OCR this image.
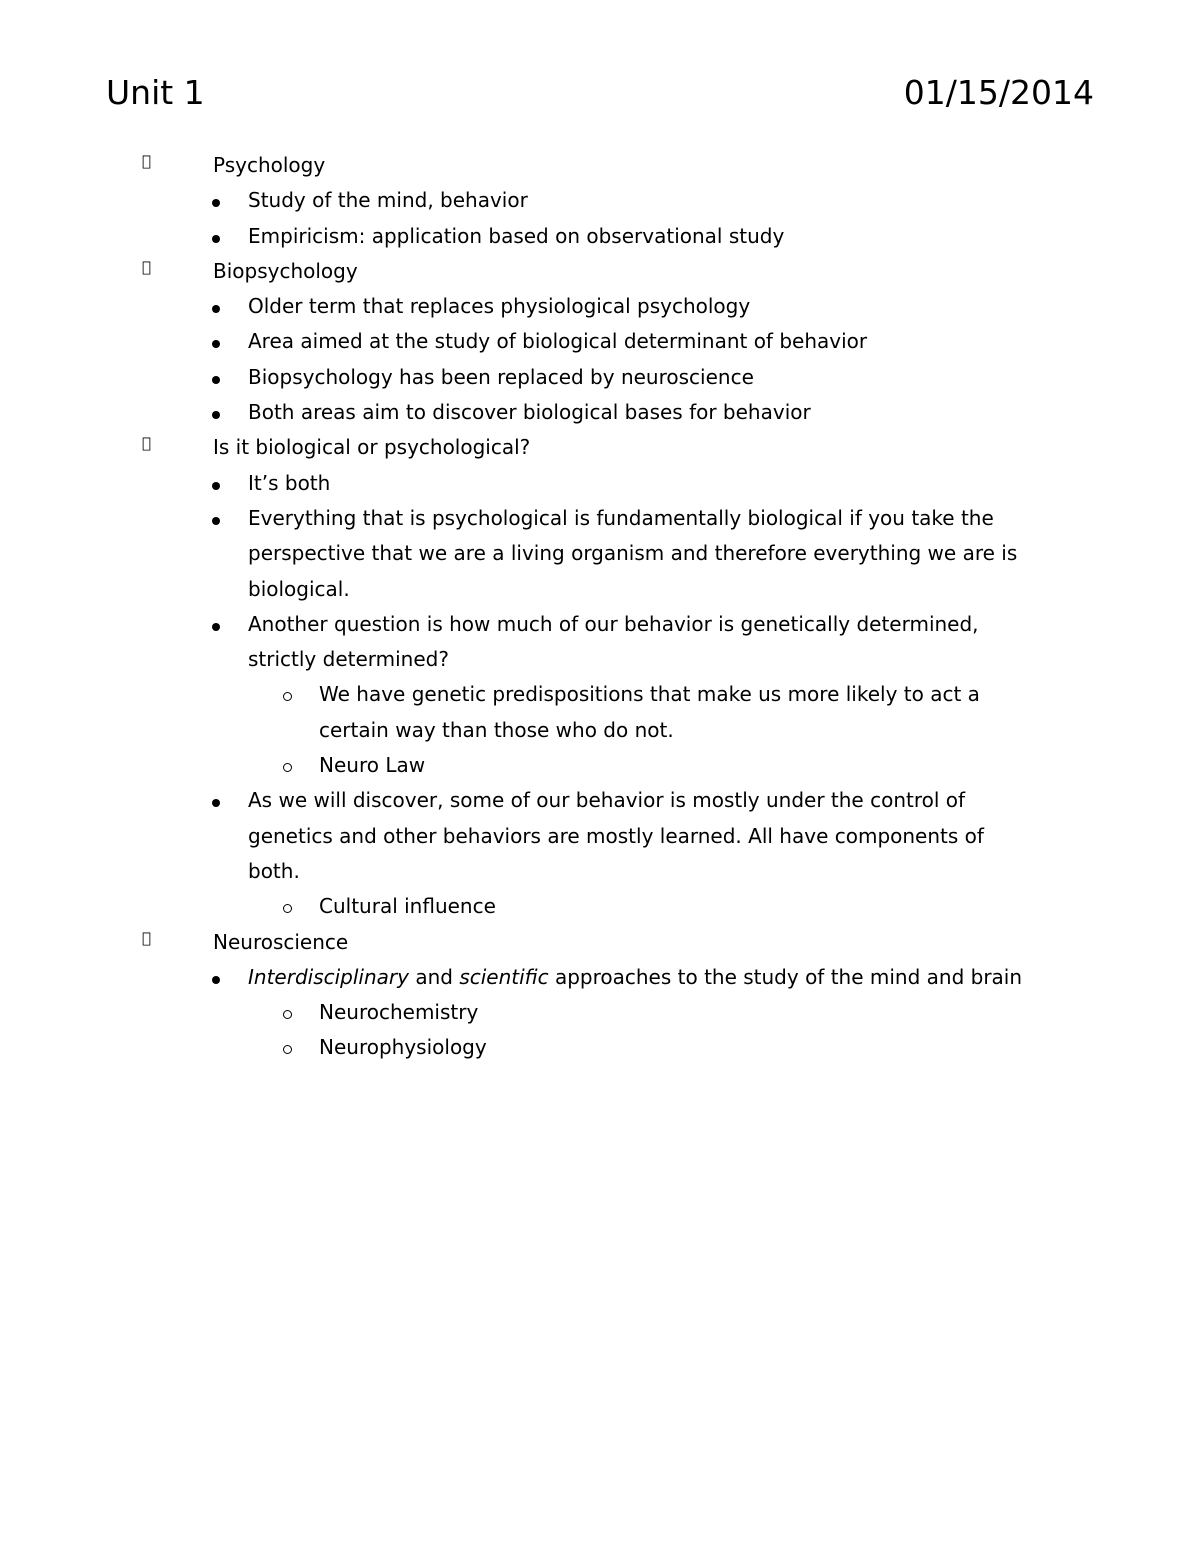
Unit 1	01/15/2014
Psychology
Study of the mind, behavior
Empiricism: application based on observational study
Biopsychology
Older term that replaces physiological psychology
Area aimed at the study of biological determinant of behavior
Biopsychology has been replaced by neuroscience
Both areas aim to discover biological bases for behavior
Is it biological or psychological?
It’s both
Everything that is psychological is fundamentally biological if you take the
perspective that we are a living organism and therefore everything we are is
biological.
Another question is how much of our behavior is genetically determined,
strictly determined?
We have genetic predispositions that make us more likely to act a
certain way than those who do not.
Neuro Law
As we will discover, some of our behavior is mostly under the control of
genetics and other behaviors are mostly learned. All have components of
both.
Cultural influence
Neuroscience
Interdisciplinary and scientific approaches to the study of the mind and brain
Neurochemistry
Neurophysiology
